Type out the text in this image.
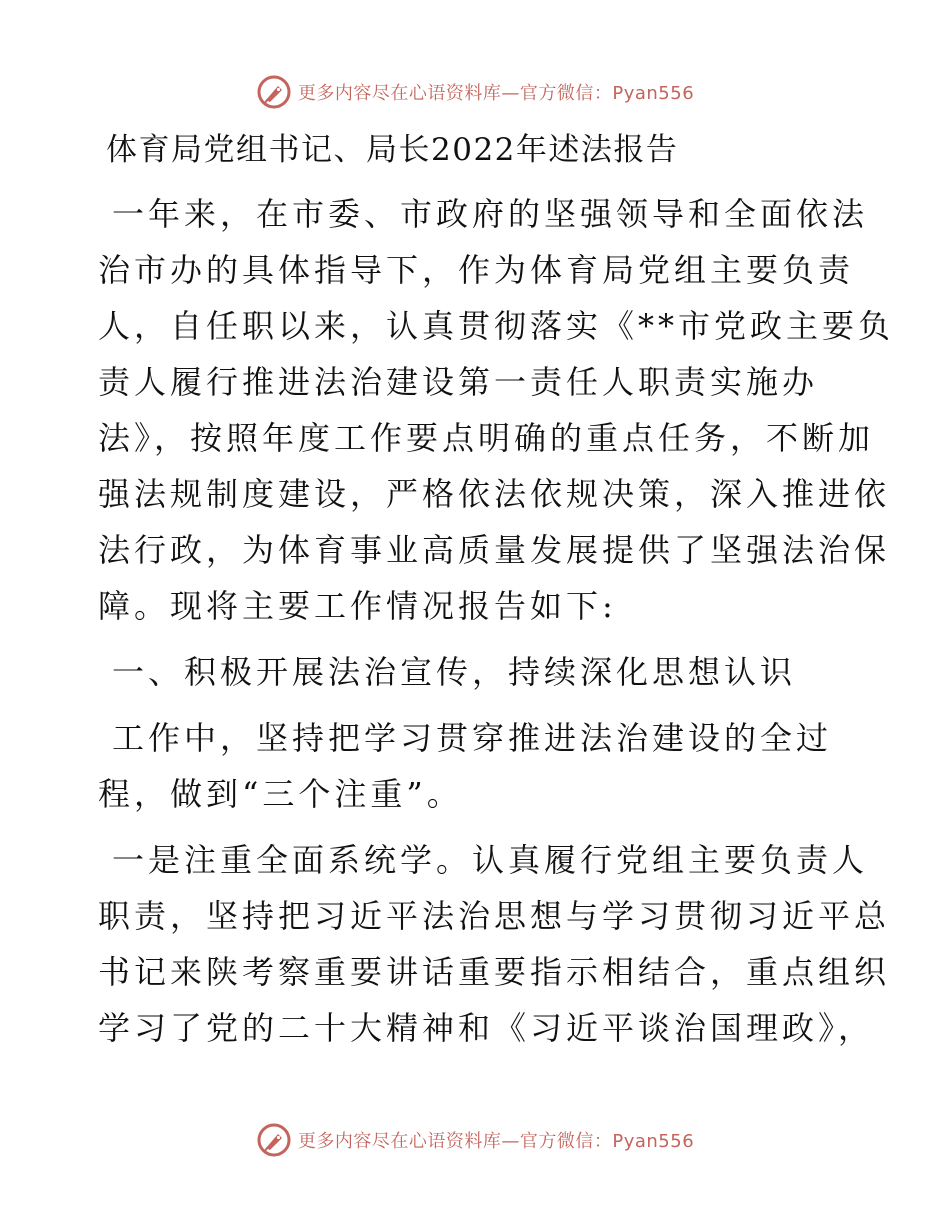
更多内容尽在心语资料库—官方微信：Pyan556
体育局党组书记、局长2022年述法报告

一年来，在市委、市政府的坚强领导和全面依法
治市办的具体指导下，作为体育局党组主要负责
人，自任职以来，认真贯彻落实《**市党政主要负
责人履行推进法治建设第一责任人职责实施办
法》，按照年度工作要点明确的重点任务，不断加
强法规制度建设，严格依法依规决策，深入推进依
法行政，为体育事业高质量发展提供了坚强法治保
障。现将主要工作情况报告如下:

一、积极开展法治宣传，持续深化思想认识

工作中，坚持把学习贯穿推进法治建设的全过
程，做到“三个注重”。

一是注重全面系统学。认真履行党组主要负责人
职责，坚持把习近平法治思想与学习贯彻习近平总
书记来陕考察重要讲话重要指示相结合，重点组织
学习了党的二十大精神和《习近平谈治国理政》，

更多内容尽在心语资料库—官方微信：Pyan556
